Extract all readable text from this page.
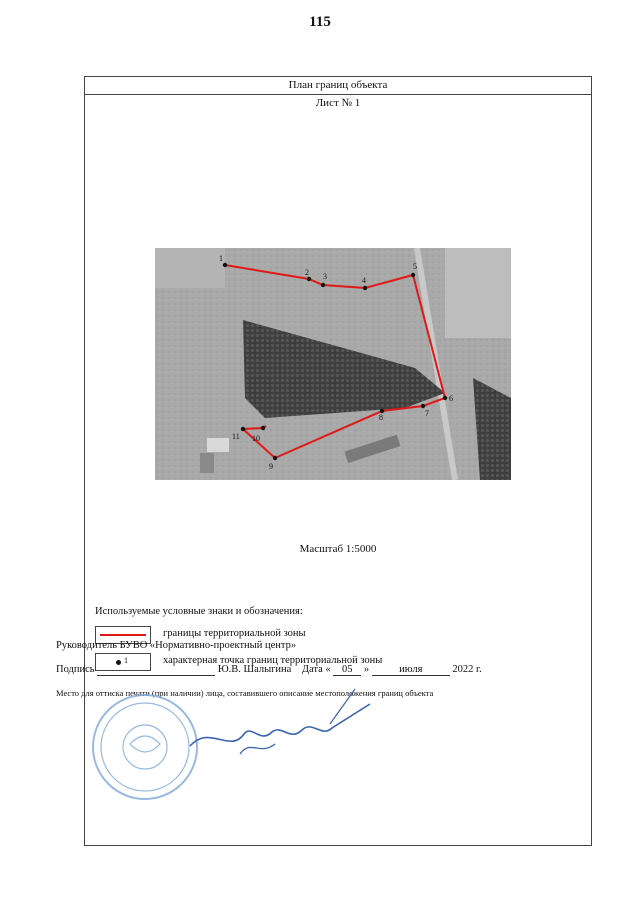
115
План границ объекта
Лист № 1
1
2 3	4
5
6
7
8
9
10
11
Масштаб 1:5000
Используемые условные знаки и обозначения:
границы территориальной зоны
1	характерная точка границ территориальной зоны
Руководитель БУВО «Нормативно-проектный центр»
Подпись	Ю.В. Шалыгина Дата « 05 »	июля	2022 г.
Место для оттиска печати (при наличии) лица, составившего описание местоположения границ объекта
